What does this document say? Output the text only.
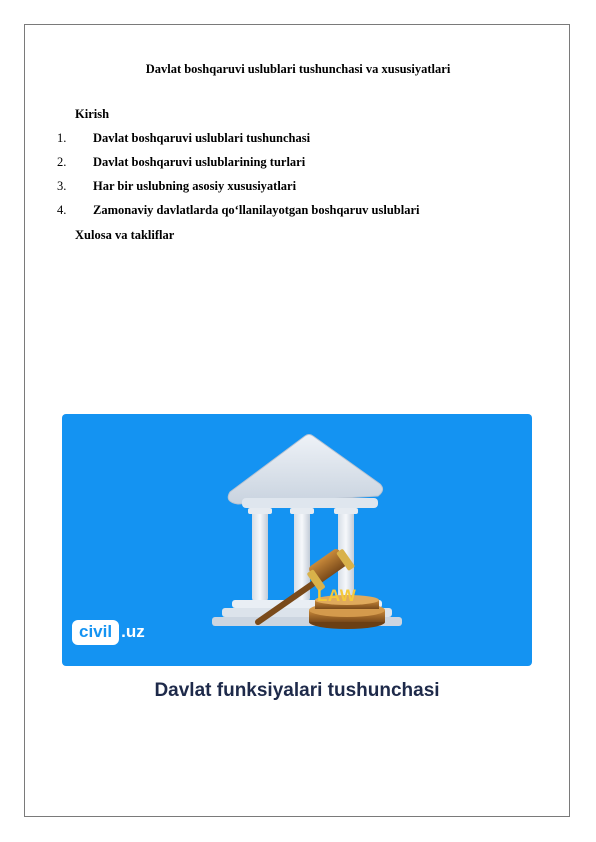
Davlat boshqaruvi uslublari tushunchasi va xususiyatlari
Kirish
1. Davlat boshqaruvi uslublari tushunchasi
2. Davlat boshqaruvi uslublarining turlari
3. Har bir uslubning asosiy xususiyatlari
4. Zamonaviy davlatlarda qo‘llanilayotgan boshqaruv uslublari
Xulosa va takliflar
LAW
civil .uz
Davlat funksiyalari tushunchasi
